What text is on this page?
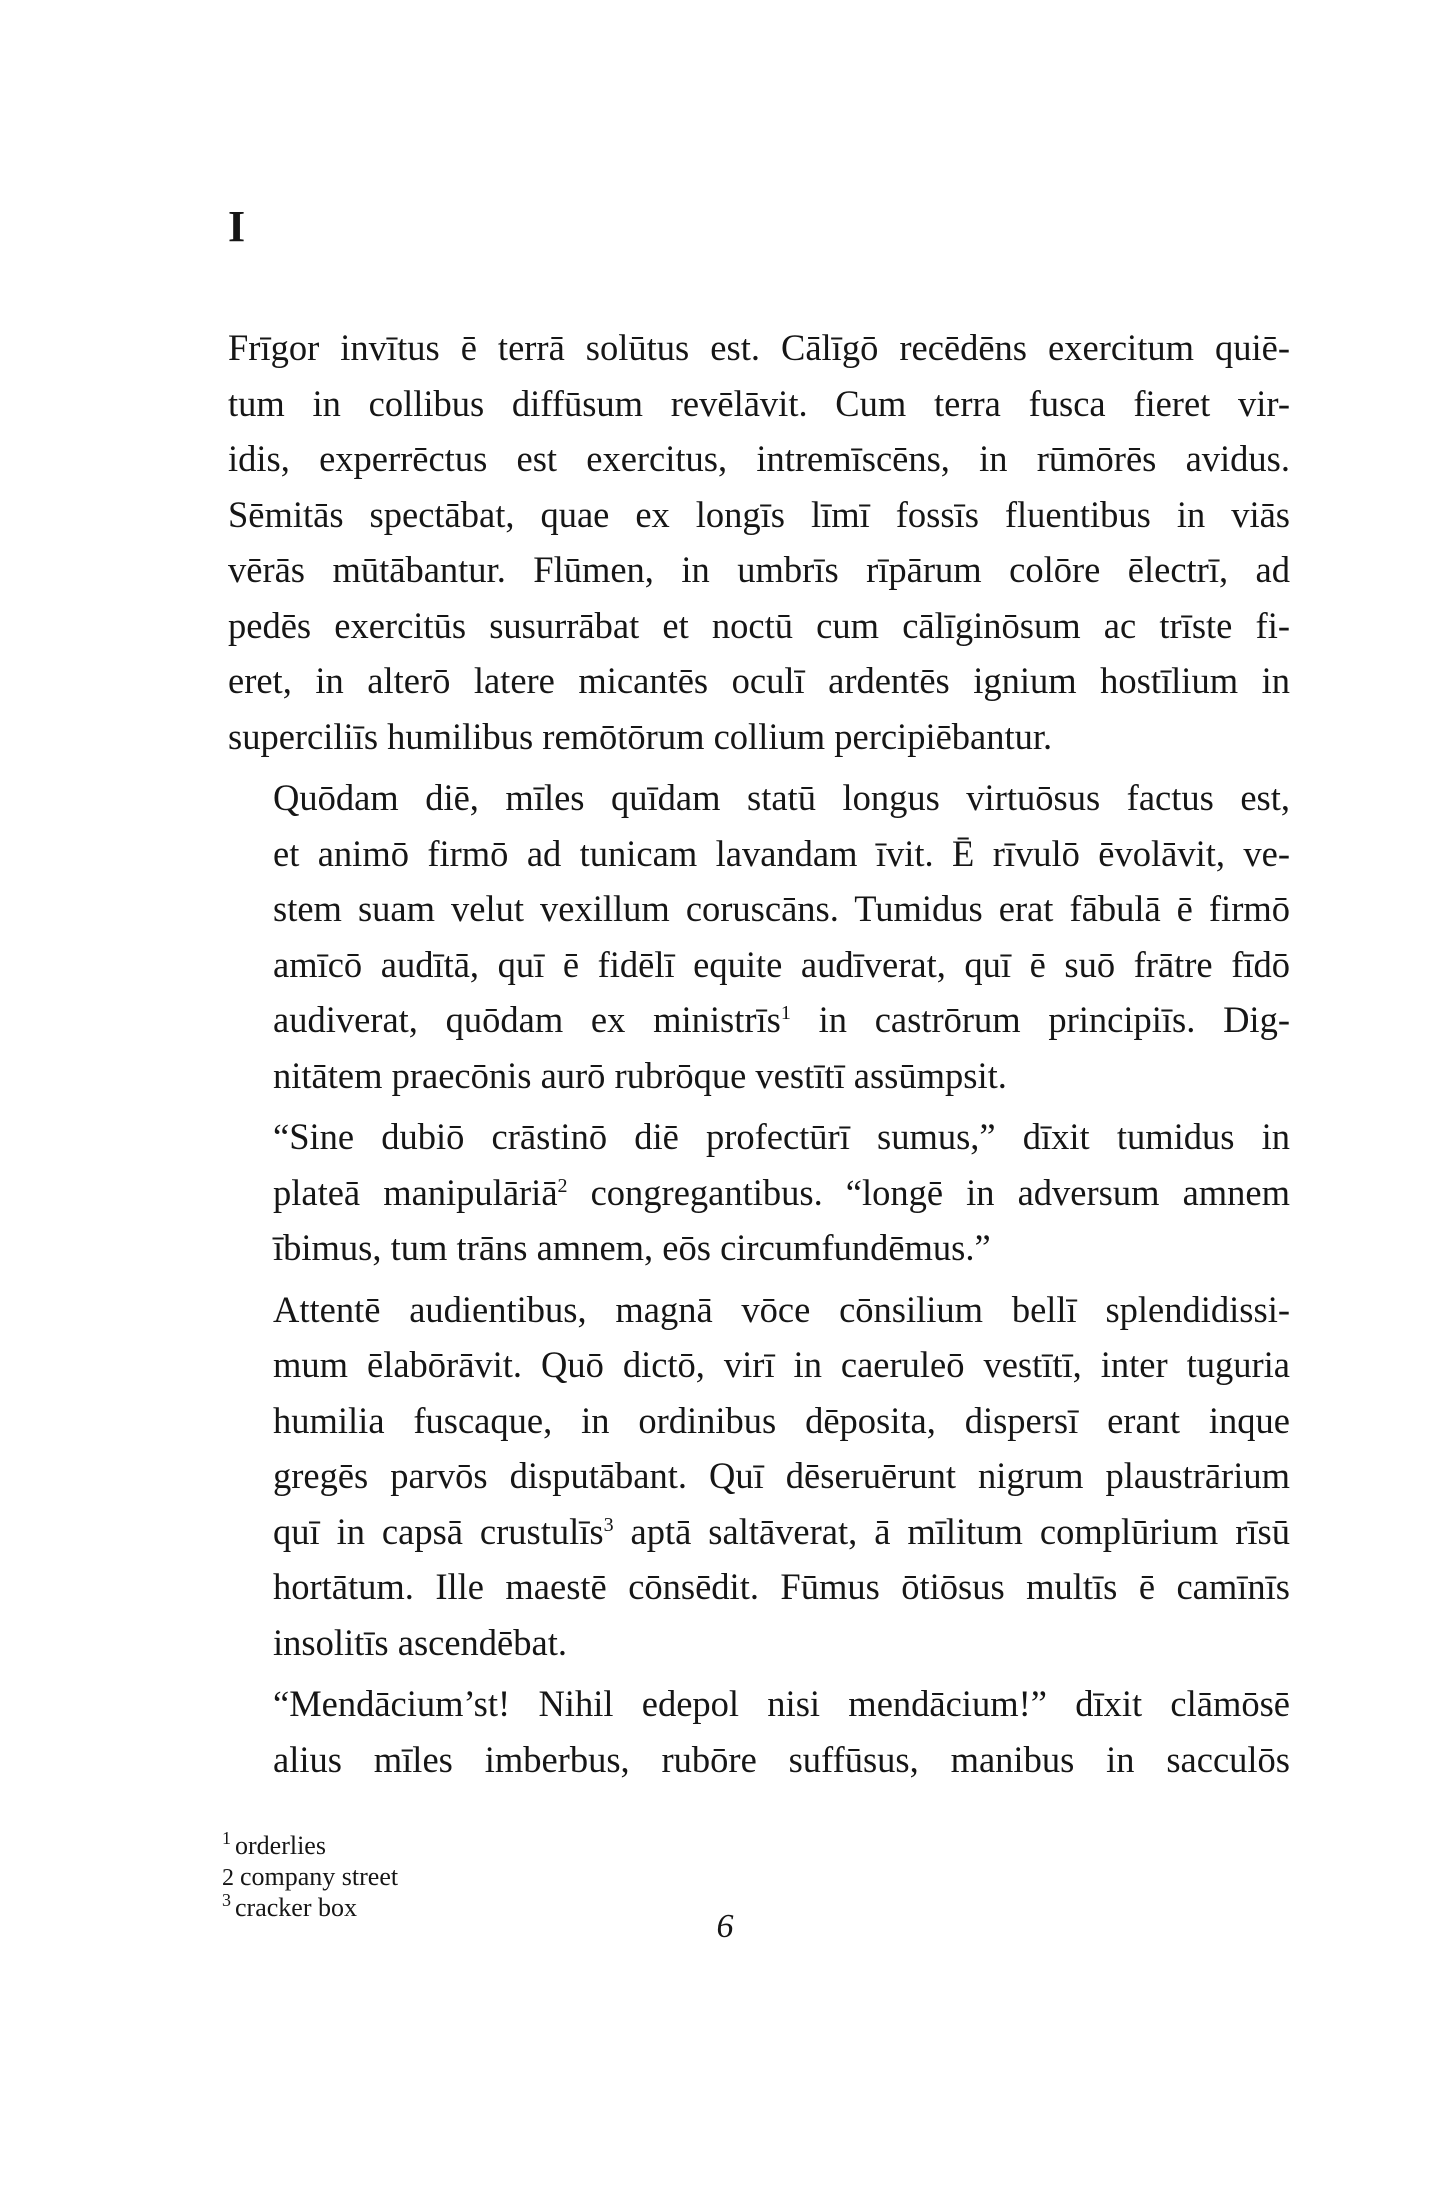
I

Frīgor invītus ē terrā solūtus est. Cālīgō recēdēns exercitum quiē-
tum in collibus diffūsum revēlāvit. Cum terra fusca fieret vir-
idis, experrēctus est exercitus, intremīscēns, in rūmōrēs avidus.
Sēmitās spectābat, quae ex longīs līmī fossīs fluentibus in viās
vērās mūtābantur. Flūmen, in umbrīs rīpārum colōre ēlectrī, ad
pedēs exercitūs susurrābat et noctū cum cālīginōsum ac trīste fi-
eret, in alterō latere micantēs oculī ardentēs ignium hostīlium in
superciliīs humilibus remōtōrum collium percipiēbantur.

Quōdam diē, mīles quīdam statū longus virtuōsus factus est,
et animō firmō ad tunicam lavandam īvit. Ē rīvulō ēvolāvit, ve-
stem suam velut vexillum coruscāns. Tumidus erat fābulā ē firmō
amīcō audītā, quī ē fidēlī equite audīverat, quī ē suō frātre fīdō
audiverat, quōdam ex ministrīs$^1$ in castrōrum principiīs. Dig-
nitātem praecōnis aurō rubrōque vestītī assūmpsit.

“Sine dubiō crāstinō diē profectūrī sumus,” dīxit tumidus in
plateā manipulāriā$^2$ congregantibus. “longē in adversum amnem
ībimus, tum trāns amnem, eōs circumfundēmus.”

Attentē audientibus, magnā vōce cōnsilium bellī splendidissi-
mum ēlabōrāvit. Quō dictō, virī in caeruleō vestītī, inter tuguria
humilia fuscaque, in ordinibus dēposita, dispersī erant inque
gregēs parvōs disputābant. Quī dēseruērunt nigrum plaustrārium
quī in capsā crustulīs$^3$ aptā saltāverat, ā mīlitum complūrium rīsū
hortātum. Ille maestē cōnsēdit. Fūmus ōtiōsus multīs ē camīnīs
insolitīs ascendēbat.

“Mendācium’st! Nihil edepol nisi mendācium!” dīxit clāmōsē
alius mīles imberbus, rubōre suffūsus, manibus in sacculōs

$^1$ orderlies
2 company street
$^3$ cracker box
6
